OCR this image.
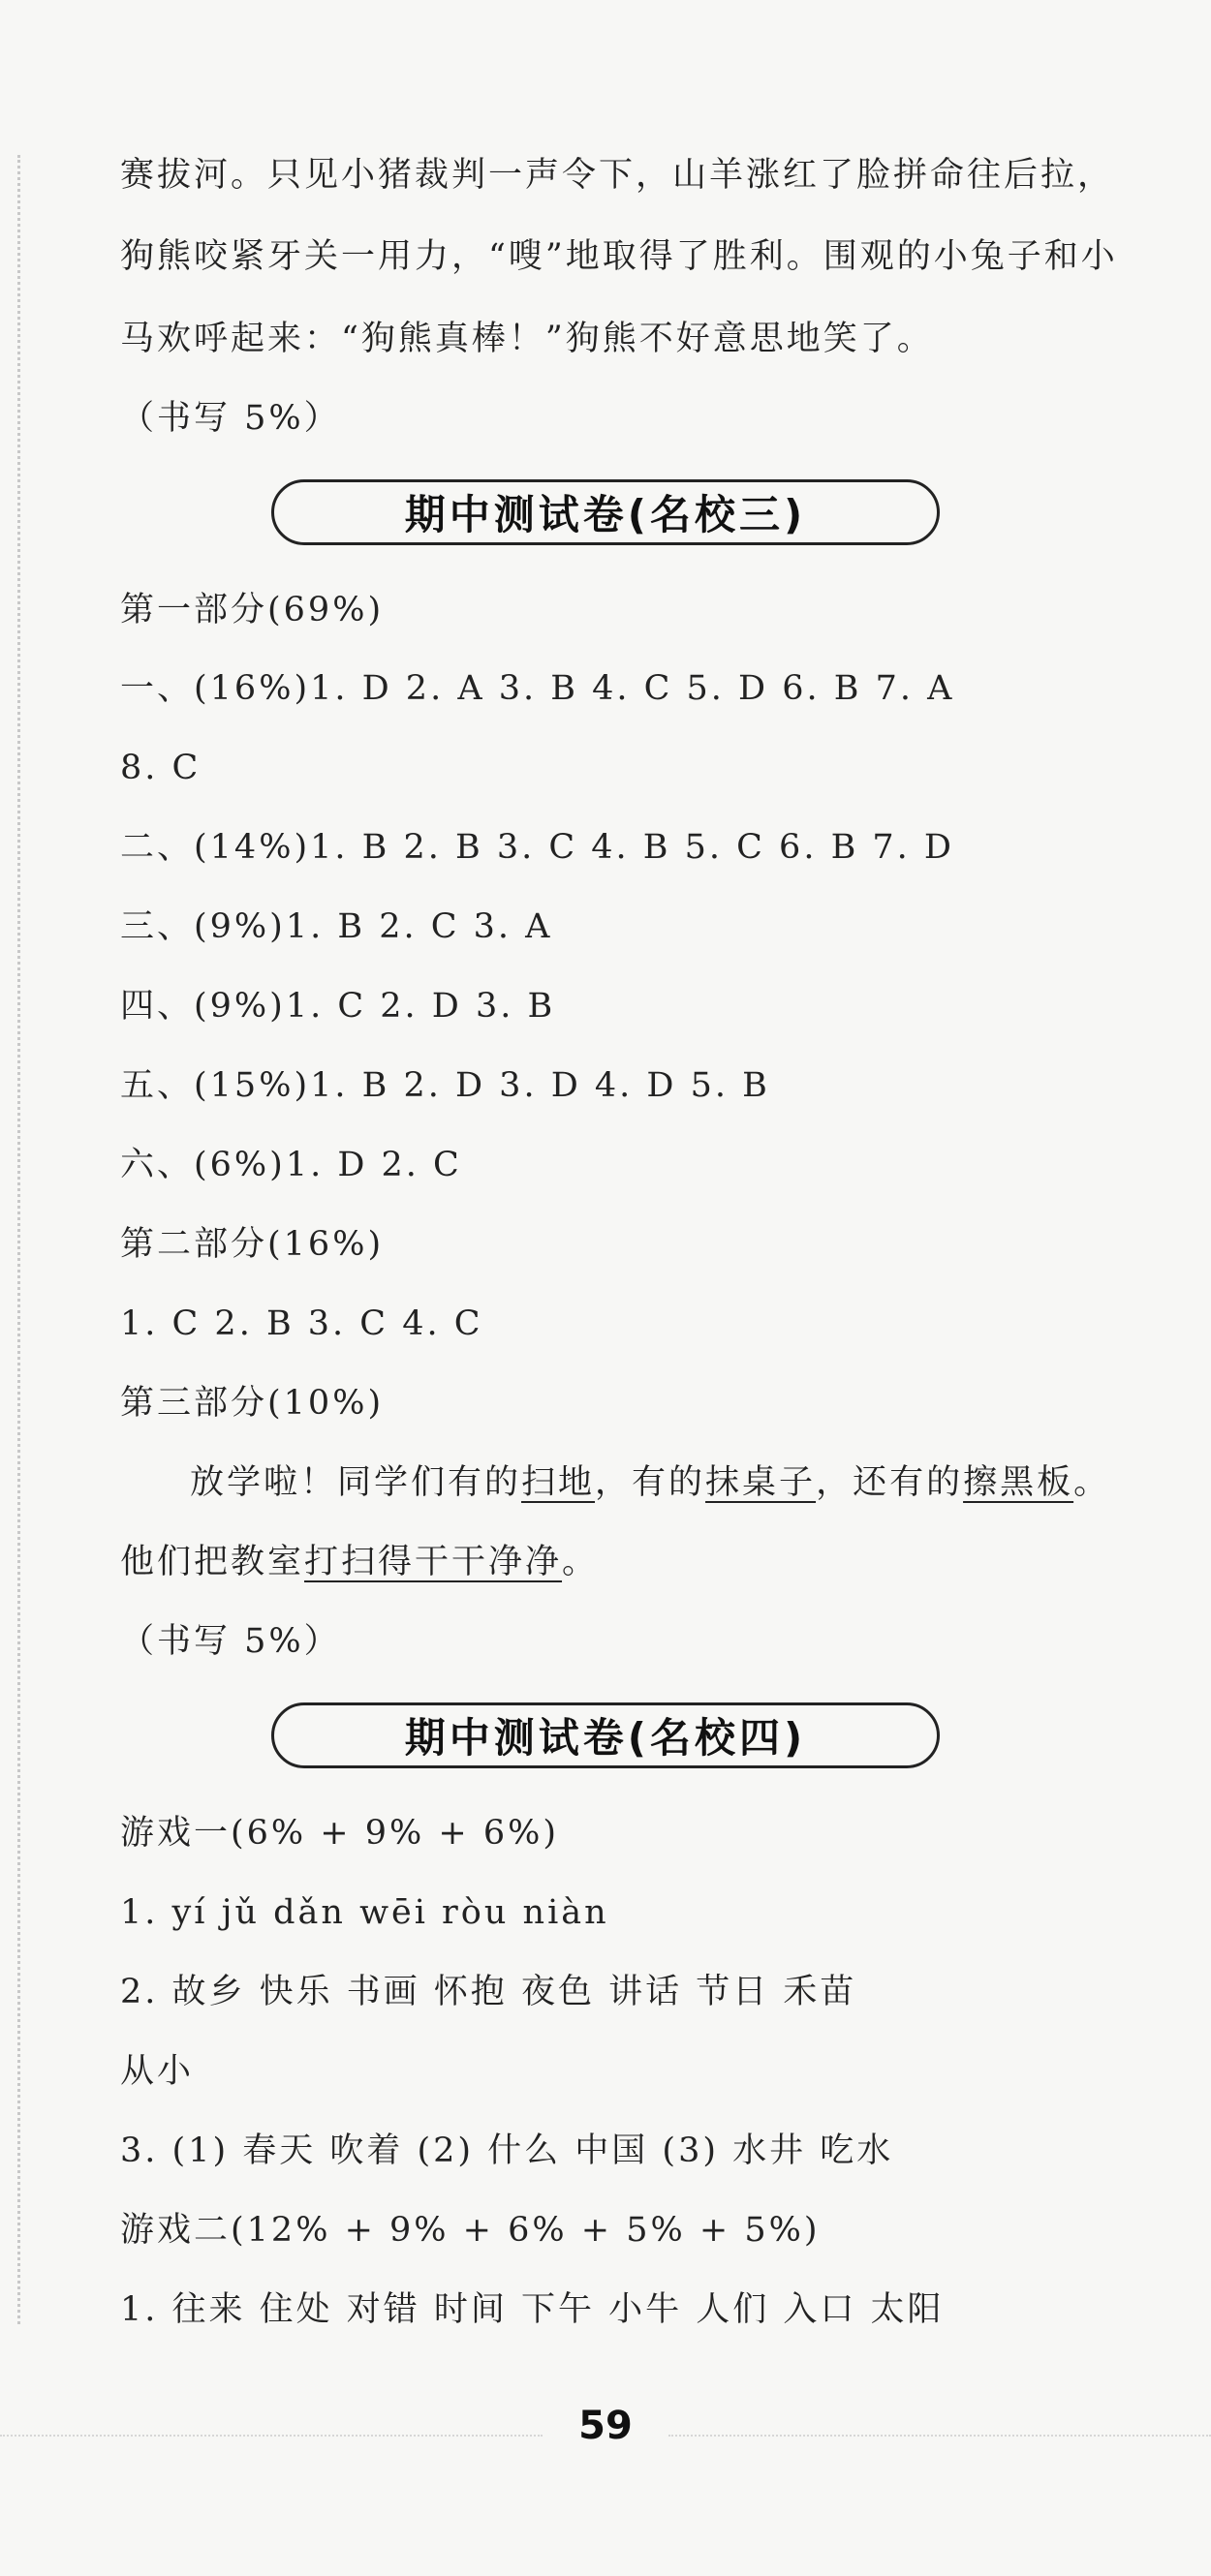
赛拔河。只见小猪裁判一声令下，山羊涨红了脸拼命往后拉，
狗熊咬紧牙关一用力，“嗖”地取得了胜利。围观的小兔子和小
马欢呼起来：“狗熊真棒！”狗熊不好意思地笑了。
（书写 5%）
期中测试卷(名校三)
第一部分(69%)
一、(16%)1. D 2. A 3. B 4. C 5. D 6. B 7. A
8. C
二、(14%)1. B 2. B 3. C 4. B 5. C 6. B 7. D
三、(9%)1. B 2. C 3. A
四、(9%)1. C 2. D 3. B
五、(15%)1. B 2. D 3. D 4. D 5. B
六、(6%)1. D 2. C
第二部分(16%)
1. C 2. B 3. C 4. C
第三部分(10%)
放学啦！同学们有的扫地，有的抹桌子，还有的擦黑板。
他们把教室打扫得干干净净。
（书写 5%）
期中测试卷(名校四)
游戏一(6% + 9% + 6%)
1. yí jǔ dǎn wēi ròu niàn
2. 故乡 快乐 书画 怀抱 夜色 讲话 节日 禾苗
从小
3. (1) 春天 吹着 (2) 什么 中国 (3) 水井 吃水
游戏二(12% + 9% + 6% + 5% + 5%)
1. 往来 住处 对错 时间 下午 小牛 人们 入口 太阳
59
